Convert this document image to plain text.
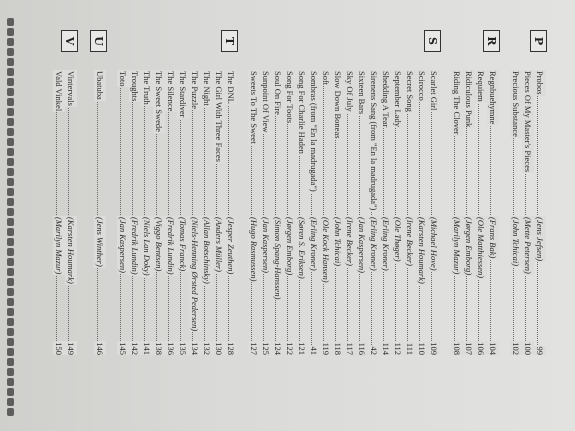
P
Probos
(Jens Jefsen)
99
Pieces Of My Master's Pieces
(Mette Petersen)
100
Precious Substance
(John Tchicai)
102
R
Regnbuehymne
(Frans Bak)
104
Requiem
(Ole Matthiessen)
106
Ridiculous Punk
(Jørgen Emborg)
107
Riding The Clover
(Marilyn Mazur)
108
S
Scarlet Girl
(Michael Hove)
109
Scirocco
(Karsten Houmark)
110
Secret Song
(Irene Becker)
111
September Lady
(Ole Thøger)
112
Shedding A Tear
(Erling Kroner)
114
Sirenens Sang (from "En la madrugada")
(Erling Kroner)
42
Sixteen Bars
(Jan Kaspersen)
116
Sky Of July
(Irene Becker)
117
Slow Down Boneas
(John Tchicai)
118
Soft
(Ole Kock Hansen)
119
Sombras (from "En la madrugada")
(Erling Kroner)
41
Song For Charlie Haden
(Søren S. Eriksen)
121
Song For Toots
(Jørgen Emborg)
122
Soul On Fire
(Simon Spang-Hanssen)
124
Sunpoint Of View
(Jan Kaspersen)
125
Sweets To The Sweet
(Hugo Rasmussen)
127
T
The DNL
(Jesper Zeuthen)
128
The Girl With Three Faces
(Anders Müller)
130
The Night
(Allan Botschinsky)
132
The Puzzle
(Niels-Henning Ørsted Pedersen)
134
The Stardiver
(Tomas Franck)
135
The Silence
(Fredrik Lundin)
136
The Sweet Swede
(Viggo Bentsen)
138
The Truth
(Niels Lan Doky)
141
Troughts
(Fredrik Lundin)
142
Toto
(Jan Kaspersen)
145
U
Ubatuba
(Jens Winther)
146
V
Vintervals
(Karsten Houmark)
149
Vald Vinkel
(Marilyn Mazur)
150
